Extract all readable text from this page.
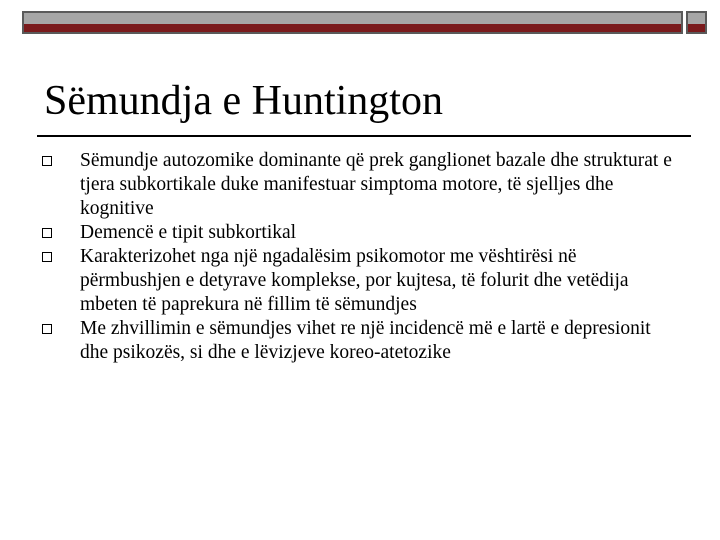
Sëmundja e Huntington
Sëmundje autozomike dominante që prek ganglionet bazale dhe strukturat e tjera subkortikale duke manifestuar simptoma motore, të sjelljes dhe kognitive
Demencë e tipit subkortikal
Karakterizohet nga një ngadalësim psikomotor me vështirësi në përmbushjen e detyrave komplekse, por kujtesa, të folurit dhe vetëdija mbeten të paprekura në fillim të sëmundjes
Me zhvillimin e sëmundjes vihet re një incidencë më e lartë e depresionit dhe psikozës, si dhe e lëvizjeve koreo-atetozike
